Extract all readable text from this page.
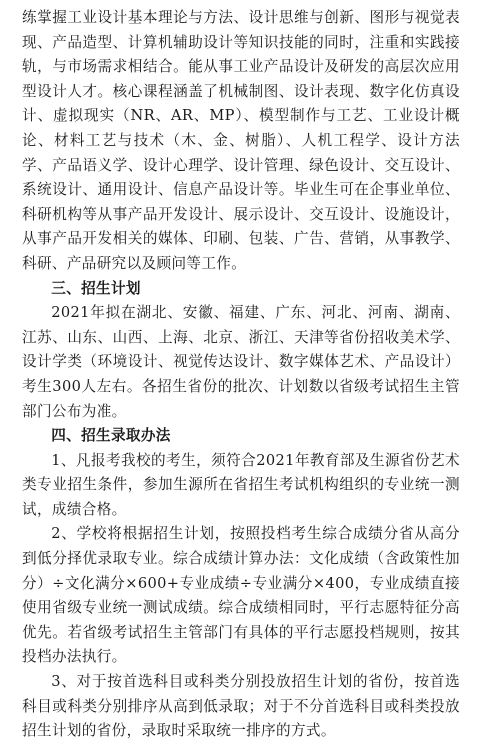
练掌握工业设计基本理论与方法、设计思维与创新、图形与视觉表现、产品造型、计算机辅助设计等知识技能的同时，注重和实践接轨，与市场需求相结合。能从事工业产品设计及研发的高层次应用型设计人才。核心课程涵盖了机械制图、设计表现、数字化仿真设计、虚拟现实（NR、AR、MP）、模型制作与工艺、工业设计概论、材料工艺与技术（木、金、树脂）、人机工程学、设计方法学、产品语义学、设计心理学、设计管理、绿色设计、交互设计、系统设计、通用设计、信息产品设计等。毕业生可在企事业单位、科研机构等从事产品开发设计、展示设计、交互设计、设施设计，从事产品开发相关的媒体、印刷、包装、广告、营销，从事教学、科研、产品研究以及顾问等工作。

三、招生计划

2021年拟在湖北、安徽、福建、广东、河北、河南、湖南、江苏、山东、山西、上海、北京、浙江、天津等省份招收美术学、设计学类（环境设计、视觉传达设计、数字媒体艺术、产品设计）考生300人左右。各招生省份的批次、计划数以省级考试招生主管部门公布为准。

四、招生录取办法

1、凡报考我校的考生，须符合2021年教育部及生源省份艺术类专业招生条件，参加生源所在省招生考试机构组织的专业统一测试，成绩合格。

2、学校将根据招生计划，按照投档考生综合成绩分省从高分到低分择优录取专业。综合成绩计算办法：文化成绩（含政策性加分）÷文化满分×600+专业成绩÷专业满分×400，专业成绩直接使用省级专业统一测试成绩。综合成绩相同时，平行志愿特征分高优先。若省级考试招生主管部门有具体的平行志愿投档规则，按其投档办法执行。

3、对于按首选科目或科类分别投放招生计划的省份，按首选科目或科类分别排序从高到低录取；对于不分首选科目或科类投放招生计划的省份，录取时采取统一排序的方式。
